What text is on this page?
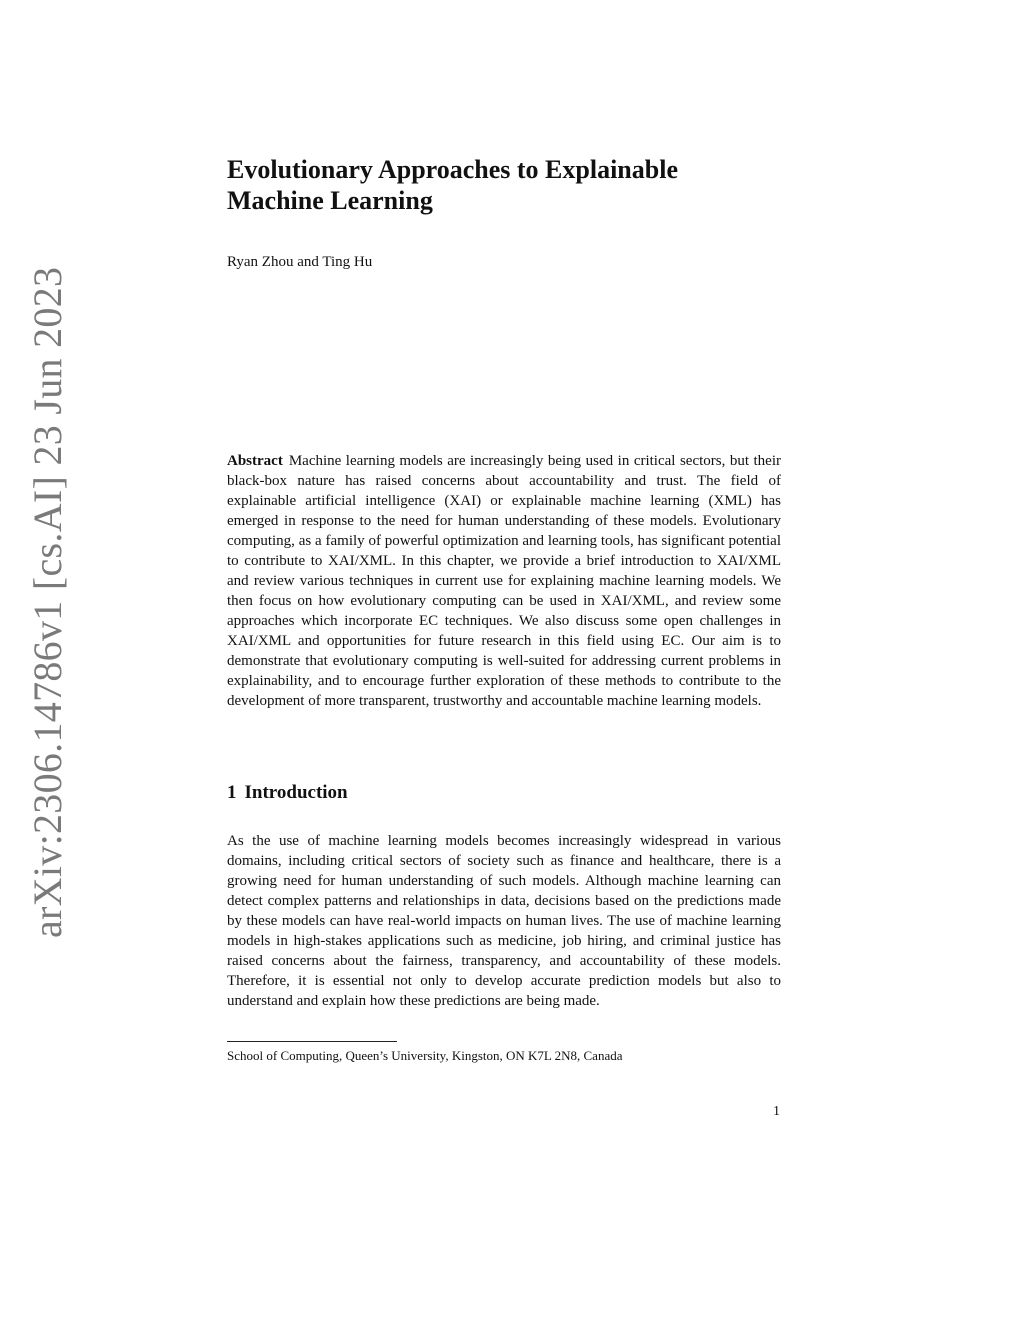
arXiv:2306.14786v1 [cs.AI] 23 Jun 2023
Evolutionary Approaches to Explainable
Machine Learning
Ryan Zhou and Ting Hu

Abstract Machine learning models are increasingly being used in critical sectors, but their black-box nature has raised concerns about accountability and trust. The field of explainable artificial intelligence (XAI) or explainable machine learning (XML) has emerged in response to the need for human understanding of these models. Evolutionary computing, as a family of powerful optimization and learning tools, has significant potential to contribute to XAI/XML. In this chapter, we provide a brief introduction to XAI/XML and review various techniques in current use for explaining machine learning models. We then focus on how evolutionary computing can be used in XAI/XML, and review some approaches which incorporate EC techniques. We also discuss some open challenges in XAI/XML and opportunities for future research in this field using EC. Our aim is to demonstrate that evolutionary computing is well-suited for addressing current problems in explainability, and to encourage further exploration of these methods to contribute to the development of more transparent, trustworthy and accountable machine learning models.

1 Introduction

As the use of machine learning models becomes increasingly widespread in various domains, including critical sectors of society such as finance and healthcare, there is a growing need for human understanding of such models. Although machine learning can detect complex patterns and relationships in data, decisions based on the predictions made by these models can have real-world impacts on human lives. The use of machine learning models in high-stakes applications such as medicine, job hiring, and criminal justice has raised concerns about the fairness, transparency, and accountability of these models. Therefore, it is essential not only to develop accurate prediction models but also to understand and explain how these predictions are being made.

School of Computing, Queen’s University, Kingston, ON K7L 2N8, Canada
1
